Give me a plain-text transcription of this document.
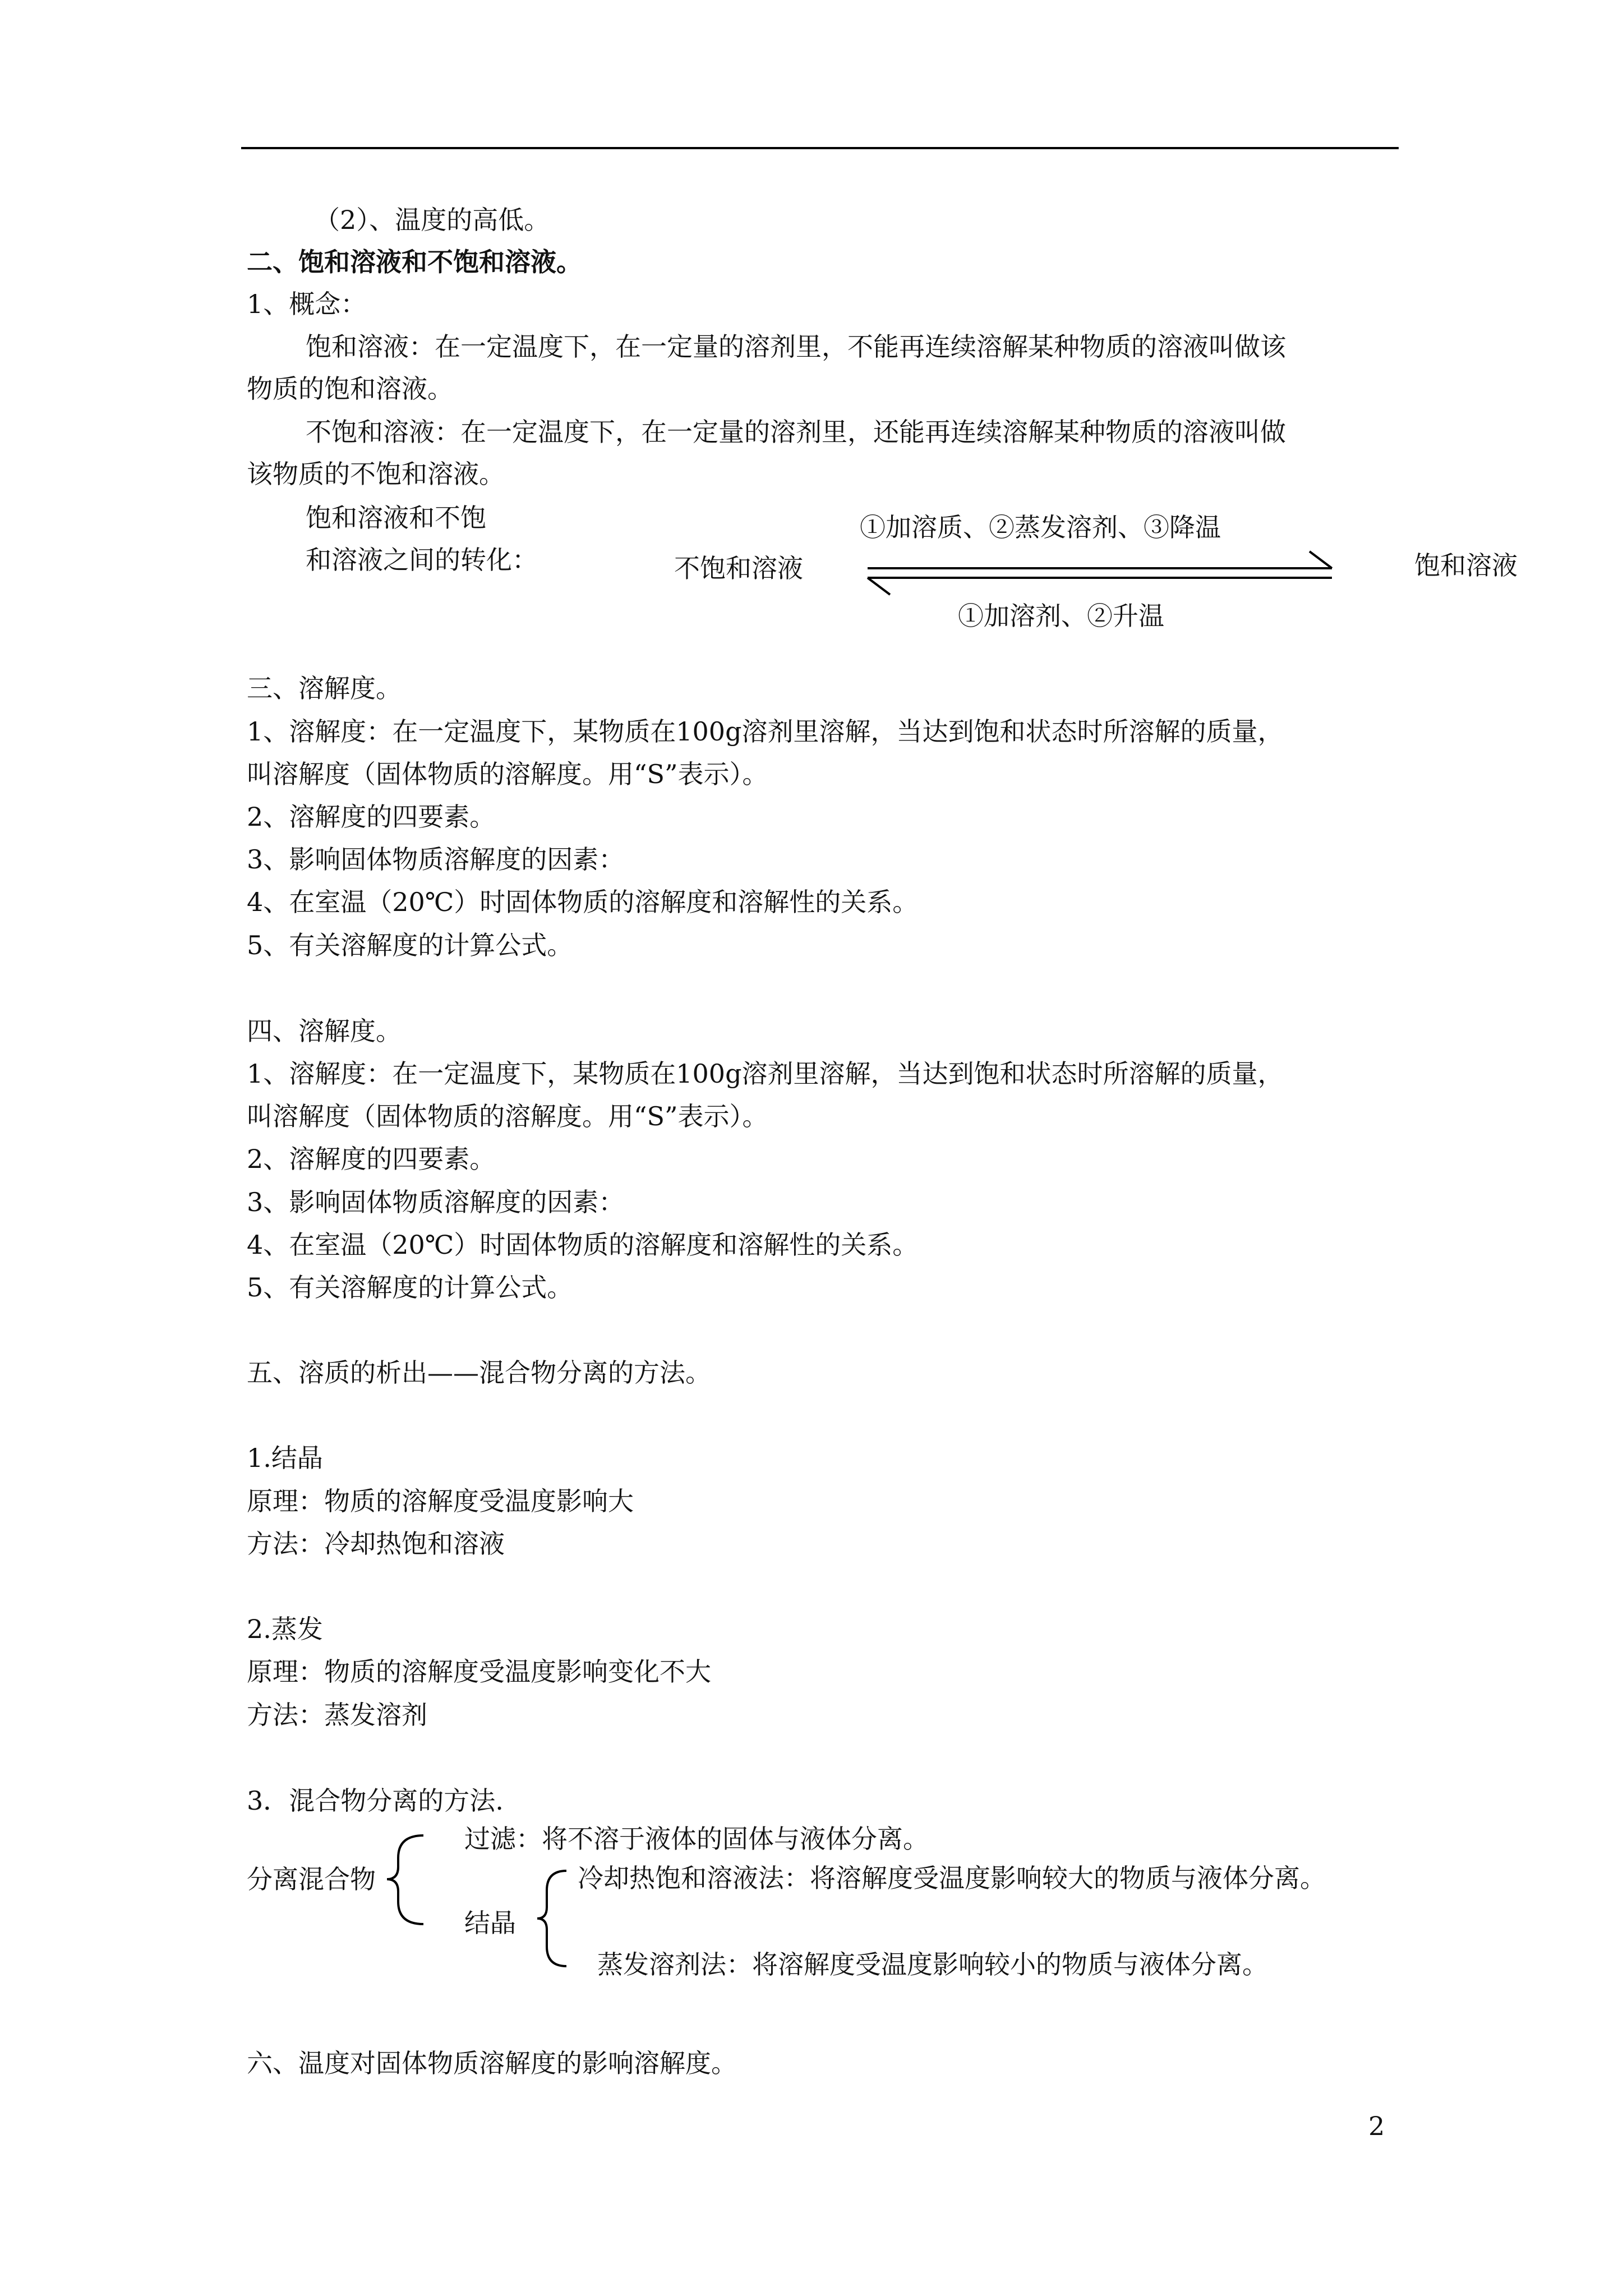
（2）、温度的高低。
二、饱和溶液和不饱和溶液。
1、概念：
饱和溶液：在一定温度下，在一定量的溶剂里，不能再连续溶解某种物质的溶液叫做该
物质的饱和溶液。
不饱和溶液：在一定温度下，在一定量的溶剂里，还能再连续溶解某种物质的溶液叫做
该物质的不饱和溶液。
饱和溶液和不饱
和溶液之间的转化：	不饱和溶液	饱和溶液
①加溶质、②蒸发溶剂、③降温
①加溶剂、②升温
三、溶解度。
1、溶解度：在一定温度下，某物质在100g溶剂里溶解，当达到饱和状态时所溶解的质量，
叫溶解度（固体物质的溶解度。用“S”表示）。
2、溶解度的四要素。
3、影响固体物质溶解度的因素：
4、在室温（20℃）时固体物质的溶解度和溶解性的关系。
5、有关溶解度的计算公式。
四、溶解度。
1、溶解度：在一定温度下，某物质在100g溶剂里溶解，当达到饱和状态时所溶解的质量，
叫溶解度（固体物质的溶解度。用“S”表示）。
2、溶解度的四要素。
3、影响固体物质溶解度的因素：
4、在室温（20℃）时固体物质的溶解度和溶解性的关系。
5、有关溶解度的计算公式。
五、溶质的析出——混合物分离的方法。
1.结晶
原理：物质的溶解度受温度影响大
方法：冷却热饱和溶液
2.蒸发
原理：物质的溶解度受温度影响变化不大
方法：蒸发溶剂
3．混合物分离的方法.
分离混合物
过滤：将不溶于液体的固体与液体分离。
结晶
冷却热饱和溶液法：将溶解度受温度影响较大的物质与液体分离。
蒸发溶剂法：将溶解度受温度影响较小的物质与液体分离。
六、温度对固体物质溶解度的影响溶解度。
2
